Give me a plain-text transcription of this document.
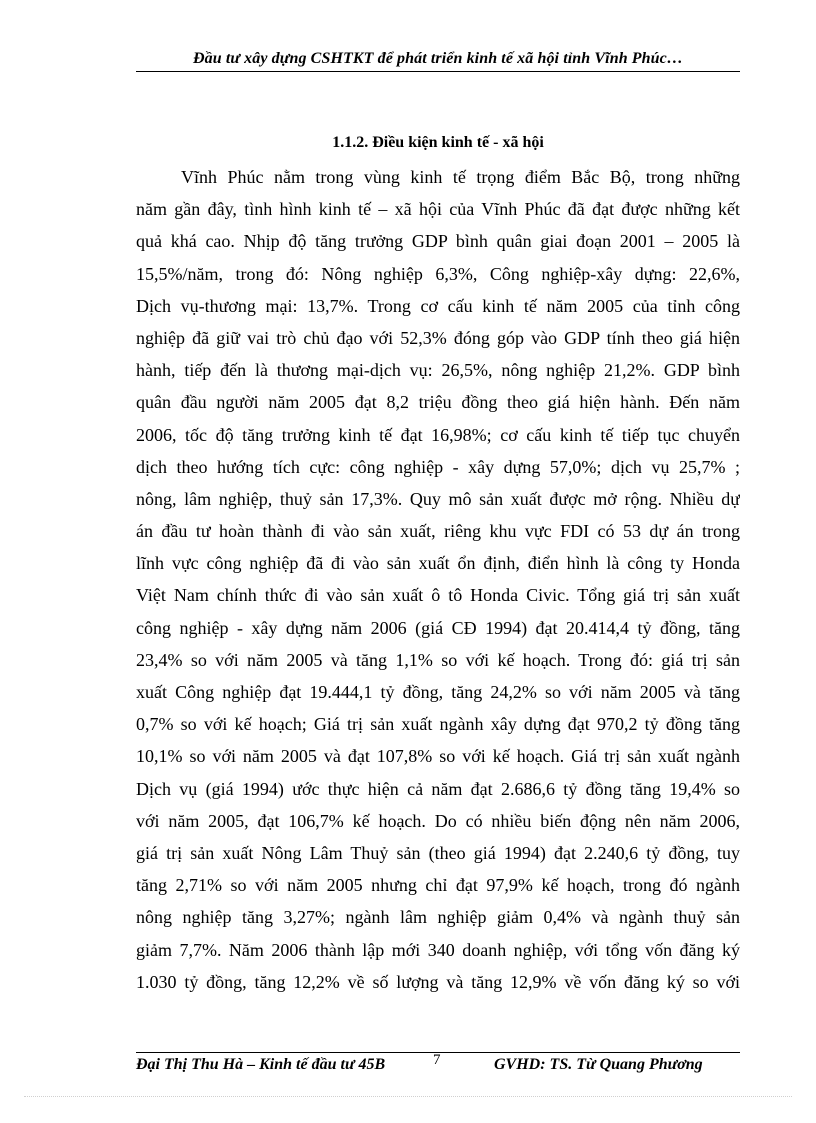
Đầu tư xây dựng CSHTKT để phát triển kinh tế xã hội tỉnh Vĩnh Phúc…
1.1.2. Điều kiện kinh tế - xã hội
Vĩnh Phúc nằm trong vùng kinh tế trọng điểm Bắc Bộ, trong những
năm gần đây, tình hình kinh tế – xã hội của Vĩnh Phúc đã đạt được những kết
quả khá cao. Nhịp độ tăng trưởng GDP bình quân giai đoạn 2001 – 2005 là
15,5%/năm, trong đó: Nông nghiệp 6,3%, Công nghiệp-xây dựng: 22,6%,
Dịch vụ-thương mại: 13,7%. Trong cơ cấu kinh tế năm 2005 của tỉnh công
nghiệp đã giữ vai trò chủ đạo với 52,3% đóng góp vào GDP tính theo giá hiện
hành, tiếp đến là thương mại-dịch vụ: 26,5%, nông nghiệp 21,2%. GDP bình
quân đầu người năm 2005 đạt 8,2 triệu đồng theo giá hiện hành. Đến năm
2006, tốc độ tăng trưởng kinh tế đạt 16,98%; cơ cấu kinh tế tiếp tục chuyển
dịch theo hướng tích cực: công nghiệp - xây dựng 57,0%; dịch vụ 25,7% ;
nông, lâm nghiệp, thuỷ sản 17,3%. Quy mô sản xuất được mở rộng. Nhiều dự
án đầu tư hoàn thành đi vào sản xuất, riêng khu vực FDI có 53 dự án trong
lĩnh vực công nghiệp đã đi vào sản xuất ổn định, điển hình là công ty Honda
Việt Nam chính thức đi vào sản xuất ô tô Honda Civic. Tổng giá trị sản xuất
công nghiệp - xây dựng năm 2006 (giá CĐ 1994) đạt 20.414,4 tỷ đồng, tăng
23,4% so với năm 2005 và tăng 1,1% so với kế hoạch. Trong đó: giá trị sản
xuất Công nghiệp đạt 19.444,1 tỷ đồng, tăng 24,2% so với năm 2005 và tăng
0,7% so với kế hoạch; Giá trị sản xuất ngành xây dựng đạt 970,2 tỷ đồng tăng
10,1% so với năm 2005 và đạt 107,8% so với kế hoạch. Giá trị sản xuất ngành
Dịch vụ (giá 1994) ước thực hiện cả năm đạt 2.686,6 tỷ đồng tăng 19,4% so
với năm 2005, đạt 106,7% kế hoạch. Do có nhiều biến động nên năm 2006,
giá trị sản xuất Nông Lâm Thuỷ sản (theo giá 1994) đạt 2.240,6 tỷ đồng, tuy
tăng 2,71% so với năm 2005 nhưng chỉ đạt 97,9% kế hoạch, trong đó ngành
nông nghiệp tăng 3,27%; ngành lâm nghiệp giảm 0,4% và ngành thuỷ sản
giảm 7,7%. Năm 2006 thành lập mới 340 doanh nghiệp, với tổng vốn đăng ký
1.030 tỷ đồng, tăng 12,2% về số lượng và tăng 12,9% về vốn đăng ký so với
Đại Thị Thu Hà – Kinh tế đầu tư 45B	7	GVHD: TS. Từ Quang Phương
